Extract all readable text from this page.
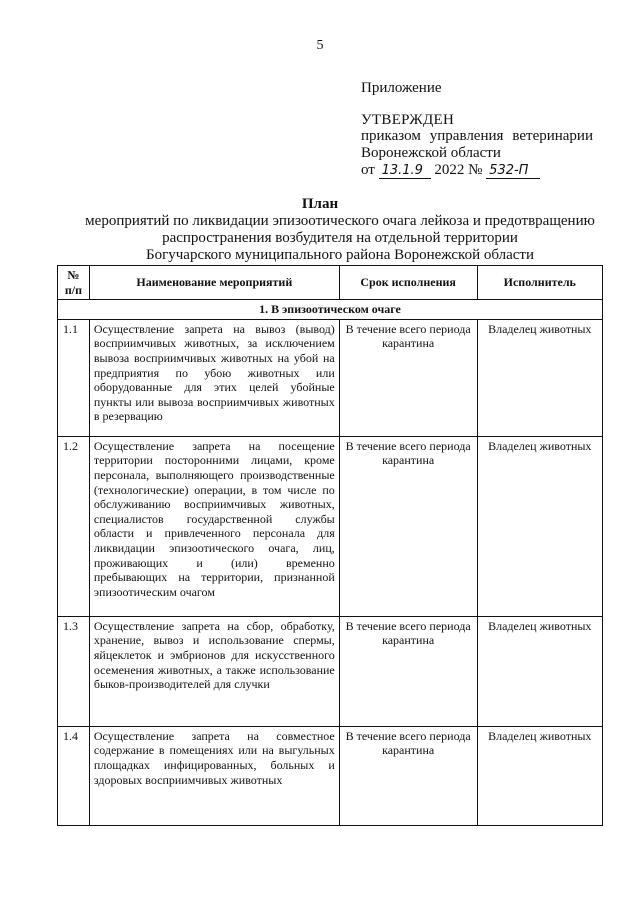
5
Приложение
УТВЕРЖДЕН
приказом управления ветеринарии
Воронежской области
от 13.1.9 2022 № 532-П
План
мероприятий по ликвидации эпизоотического очага лейкоза и предотвращению
распространения возбудителя на отдельной территории
Богучарского муниципального района Воронежской области
№ п/п	Наименование мероприятий	Срок исполнения	Исполнитель
1. В эпизоотическом очаге			
1.1	Осуществление запрета на вывоз (вывод) восприимчивых животных, за исключением вывоза восприимчивых животных на убой на предприятия по убою животных или оборудованные для этих целей убойные пункты или вывоза восприимчивых животных в резервацию	В течение всего периода карантина	Владелец животных
1.2	Осуществление запрета на посещение территории посторонними лицами, кроме персонала, выполняющего производственные (технологические) операции, в том числе по обслуживанию восприимчивых животных, специалистов государственной службы области и привлеченного персонала для ликвидации эпизоотического очага, лиц, проживающих и (или) временно пребывающих на территории, признанной эпизоотическим очагом	В течение всего периода карантина	Владелец животных
1.3	Осуществление запрета на сбор, обработку, хранение, вывоз и использование спермы, яйцеклеток и эмбрионов для искусственного осеменения животных, а также использование быков-производителей для случки	В течение всего периода карантина	Владелец животных
1.4	Осуществление запрета на совместное содержание в помещениях или на выгульных площадках инфицированных, больных и здоровых восприимчивых животных	В течение всего периода карантина	Владелец животных
